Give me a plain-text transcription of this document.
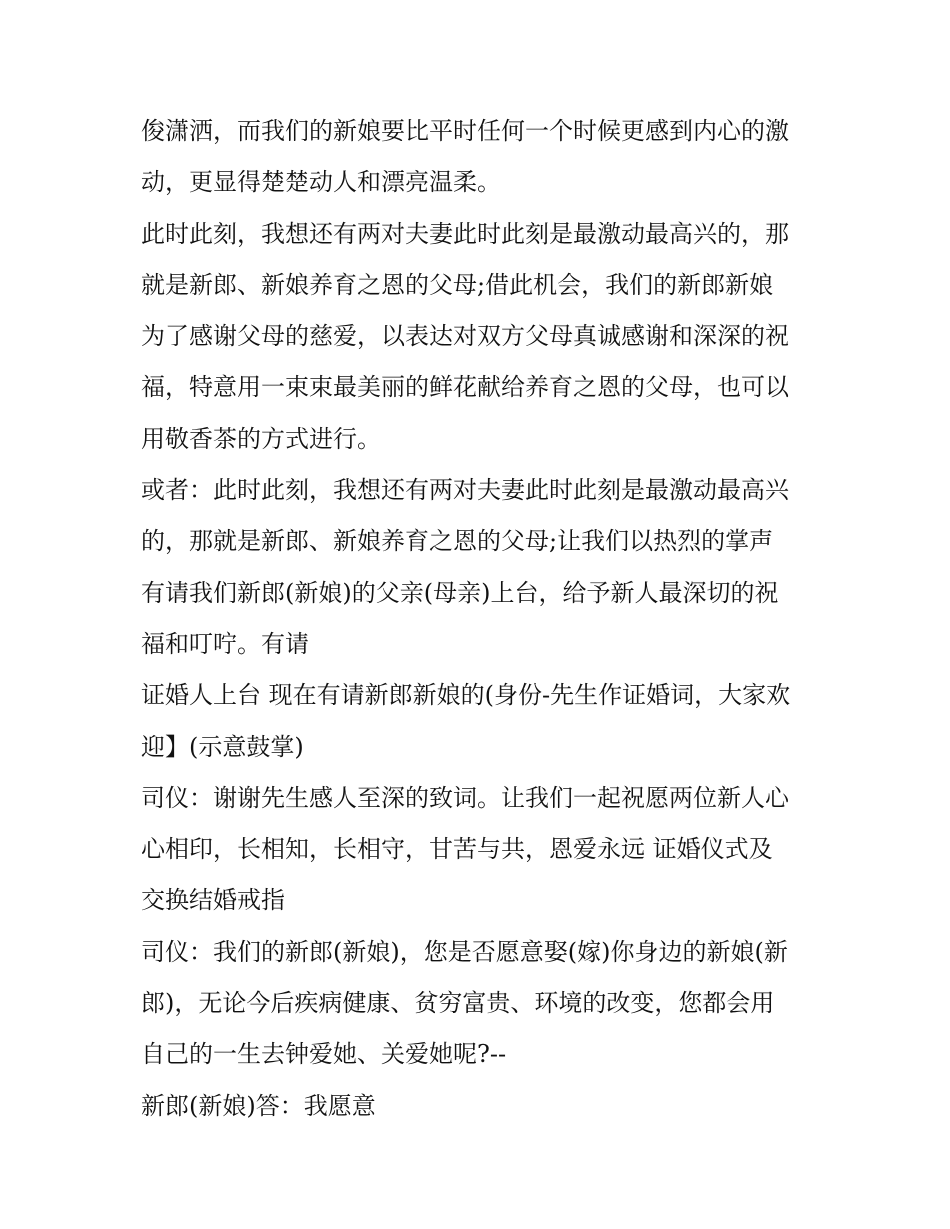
俊潇洒，而我们的新娘要比平时任何一个时候更感到内心的激
动，更显得楚楚动人和漂亮温柔。

此时此刻，我想还有两对夫妻此时此刻是最激动最高兴的，那
就是新郎、新娘养育之恩的父母;借此机会，我们的新郎新娘
为了感谢父母的慈爱，以表达对双方父母真诚感谢和深深的祝
福，特意用一束束最美丽的鲜花献给养育之恩的父母，也可以
用敬香茶的方式进行。

或者：此时此刻，我想还有两对夫妻此时此刻是最激动最高兴
的，那就是新郎、新娘养育之恩的父母;让我们以热烈的掌声
有请我们新郎(新娘)的父亲(母亲)上台，给予新人最深切的祝
福和叮咛。有请

证婚人上台 现在有请新郎新娘的(身份-先生作证婚词，大家欢
迎】(示意鼓掌)

司仪：谢谢先生感人至深的致词。让我们一起祝愿两位新人心
心相印，长相知，长相守，甘苦与共，恩爱永远 证婚仪式及
交换结婚戒指

司仪：我们的新郎(新娘)，您是否愿意娶(嫁)你身边的新娘(新
郎)，无论今后疾病健康、贫穷富贵、环境的改变，您都会用
自己的一生去钟爱她、关爱她呢?--

新郎(新娘)答：我愿意
